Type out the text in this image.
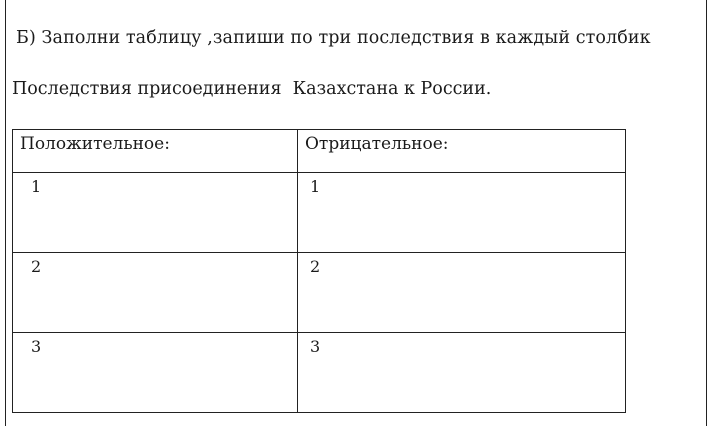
Б) Заполни таблицу ,запиши по три последствия в каждый столбик
Последствия присоединения  Казахстана к России.
Положительное:	Отрицательное:

1	1

2	2

3	3
